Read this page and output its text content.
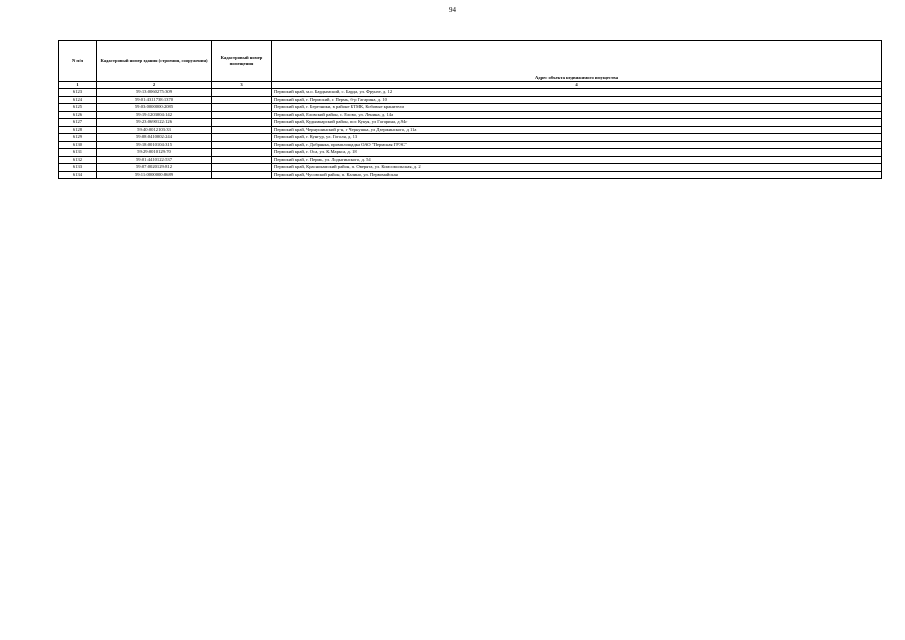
94
N п/п	Кадастровый номер здания (строения, сооружения)	Кадастровый номер помещения	Адрес объекта недвижимого имущества
1	2	3	4
6123	59:13:0060275:309		Пермский край, м.о. Бардымский, с. Барда, ул. Фрунзе, д. 12
6124	59:01:4311738:1370		Пермский край, г. Пермский, г. Пермь, б-р Гагарина, д. 10
6125	59:03:0000000:2085		Пермский край, г. Березники, в районе БТМК, Кобовые кранители
6126	59:19:1203004:142		Пермский край, Еловский район, с. Елово, ул. Ленина, д. 14а
6127	59:23:0690122:126		Пермский край, Кудымкарский район, пос Кукуя, ул Гагарина, д.94г
6128	59:40:0012103:33		Пермский край, Чернушинский р-н, г Чернушка, ул Дзержинского, д 11а
6129	59:08:0410002:244		Пермский край, г. Кунгур, ул. Гоголя, д. 13
6130	59:18:0010104:315		Пермский край, г. Добрянка, промплощадка ОАО "Пермская ГРЭС"
6131	59:29:0010129:70		Пермский край, г. Оса, ул. К.Маркса, д. 18
6132	59:01:4410122:537		Пермский край, г. Пермь, ул. Лодыгинского, д. 54
6133	59:07:0020129:812		Пермский край, Краснокамский район, п. Оверята, ул. Комсомольская, д. 2
6134	59:11:0000000:8689		Пермский край, Чусовской район, п. Калино, ул. Первомайская
